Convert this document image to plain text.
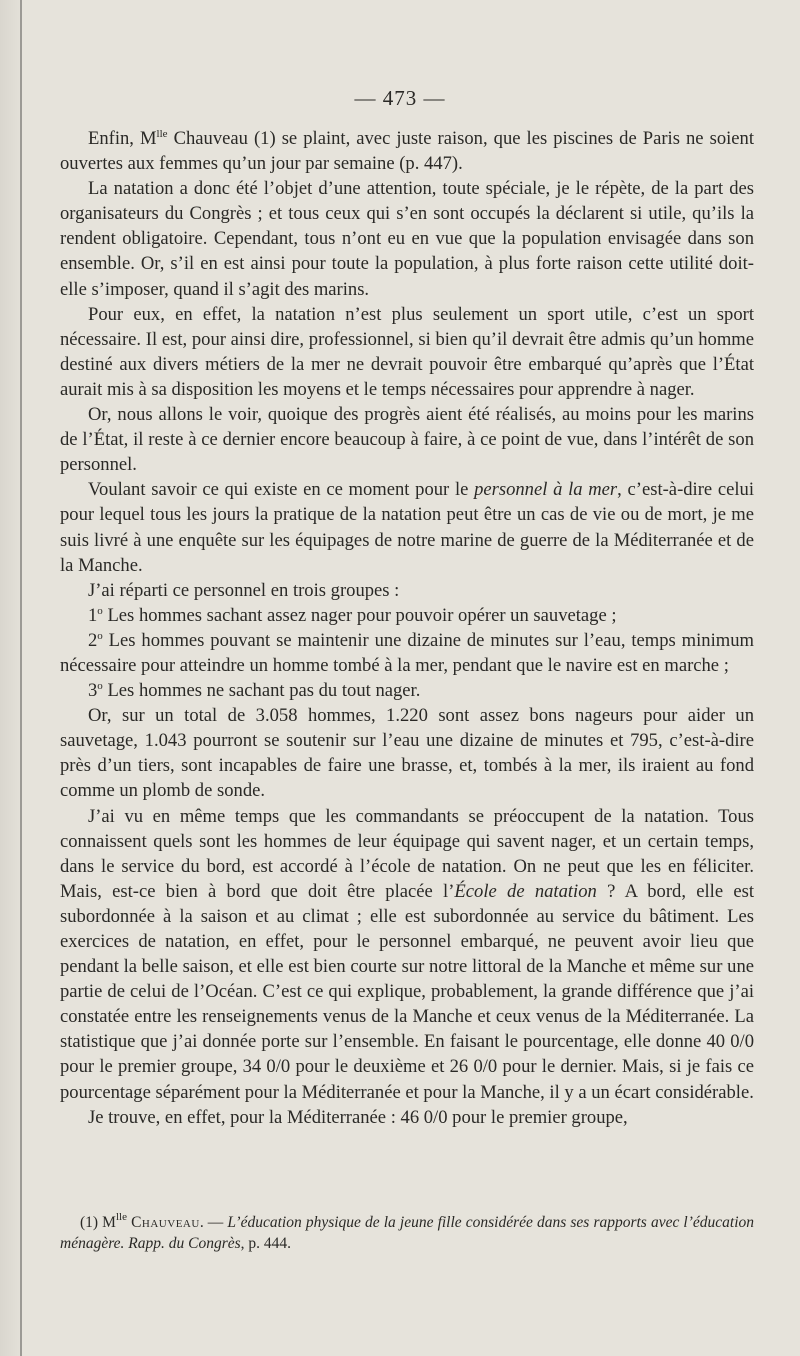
— 473 —

Enfin, $M^{lle}$ Chauveau (1) se plaint, avec juste raison, que les piscines de Paris ne soient ouvertes aux femmes qu’un jour par semaine (p. 447).

La natation a donc été l’objet d’une attention, toute spéciale, je le répète, de la part des organisateurs du Congrès ; et tous ceux qui s’en sont occupés la déclarent si utile, qu’ils la rendent obligatoire. Cependant, tous n’ont eu en vue que la population envisagée dans son ensemble. Or, s’il en est ainsi pour toute la population, à plus forte raison cette utilité doit-elle s’imposer, quand il s’agit des marins.

Pour eux, en effet, la natation n’est plus seulement un sport utile, c’est un sport nécessaire. Il est, pour ainsi dire, professionnel, si bien qu’il devrait être admis qu’un homme destiné aux divers métiers de la mer ne devrait pouvoir être embarqué qu’après que l’État aurait mis à sa disposition les moyens et le temps nécessaires pour apprendre à nager.

Or, nous allons le voir, quoique des progrès aient été réalisés, au moins pour les marins de l’État, il reste à ce dernier encore beaucoup à faire, à ce point de vue, dans l’intérêt de son personnel.

Voulant savoir ce qui existe en ce moment pour le personnel à la mer, c’est-à-dire celui pour lequel tous les jours la pratique de la natation peut être un cas de vie ou de mort, je me suis livré à une enquête sur les équipages de notre marine de guerre de la Méditerranée et de la Manche.

J’ai réparti ce personnel en trois groupes :

1$^o$ Les hommes sachant assez nager pour pouvoir opérer un sauvetage ;

2$^o$ Les hommes pouvant se maintenir une dizaine de minutes sur l’eau, temps minimum nécessaire pour atteindre un homme tombé à la mer, pendant que le navire est en marche ;

3$^o$ Les hommes ne sachant pas du tout nager.

Or, sur un total de 3.058 hommes, 1.220 sont assez bons nageurs pour aider un sauvetage, 1.043 pourront se soutenir sur l’eau une dizaine de minutes et 795, c’est-à-dire près d’un tiers, sont incapables de faire une brasse, et, tombés à la mer, ils iraient au fond comme un plomb de sonde.

J’ai vu en même temps que les commandants se préoccupent de la natation. Tous connaissent quels sont les hommes de leur équipage qui savent nager, et un certain temps, dans le service du bord, est accordé à l’école de natation. On ne peut que les en féliciter. Mais, est-ce bien à bord que doit être placée l’École de natation ? A bord, elle est subordonnée à la saison et au climat ; elle est subordonnée au service du bâtiment. Les exercices de natation, en effet, pour le personnel embarqué, ne peuvent avoir lieu que pendant la belle saison, et elle est bien courte sur notre littoral de la Manche et même sur une partie de celui de l’Océan. C’est ce qui explique, probablement, la grande différence que j’ai constatée entre les renseignements venus de la Manche et ceux venus de la Méditerranée. La statistique que j’ai donnée porte sur l’ensemble. En faisant le pourcentage, elle donne 40 0/0 pour le premier groupe, 34 0/0 pour le deuxième et 26 0/0 pour le dernier. Mais, si je fais ce pourcentage séparément pour la Méditerranée et pour la Manche, il y a un écart considérable.

Je trouve, en effet, pour la Méditerranée : 46 0/0 pour le premier groupe,

(1) $M^{lle}$ Chauveau. — L’éducation physique de la jeune fille considérée dans ses rapports avec l’éducation ménagère. Rapp. du Congrès, p. 444.
